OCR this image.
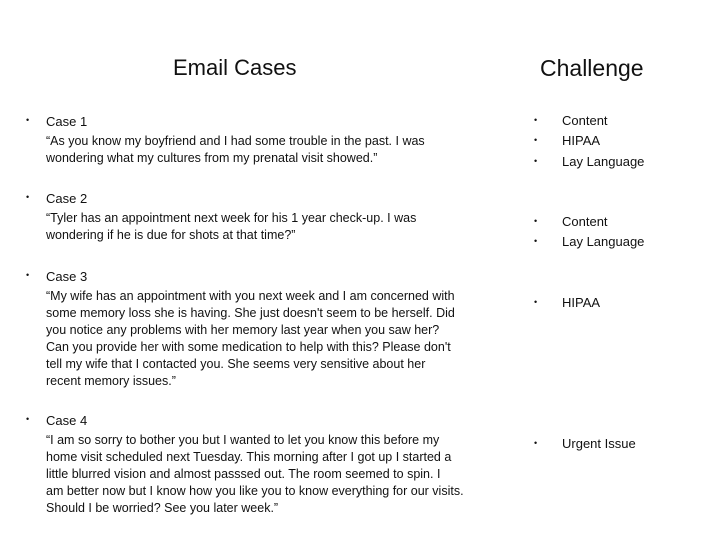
Email Cases	Challenge
• Case 1
“As you know my boyfriend and I had some trouble in the past. I was
wondering what my cultures from my prenatal visit showed.”
• Case 2
“Tyler has an appointment next week for his 1 year check-up. I was
wondering if he is due for shots at that time?”
• Case 3
“My wife has an appointment with you next week and I am concerned with
some memory loss she is having. She just doesn't seem to be herself. Did
you notice any problems with her memory last year when you saw her?
Can you provide her with some medication to help with this? Please don't
tell my wife that I contacted you. She seems very sensitive about her
recent memory issues.”
• Case 4
“I am so sorry to bother you but I wanted to let you know this before my
home visit scheduled next Tuesday. This morning after I got up I started a
little blurred vision and almost passsed out. The room seemed to spin. I
am better now but I know how you like you to know everything for our visits.
Should I be worried? See you later week.”
• Content
• HIPAA
• Lay Language
• Content
• Lay Language
• HIPAA
• Urgent Issue
